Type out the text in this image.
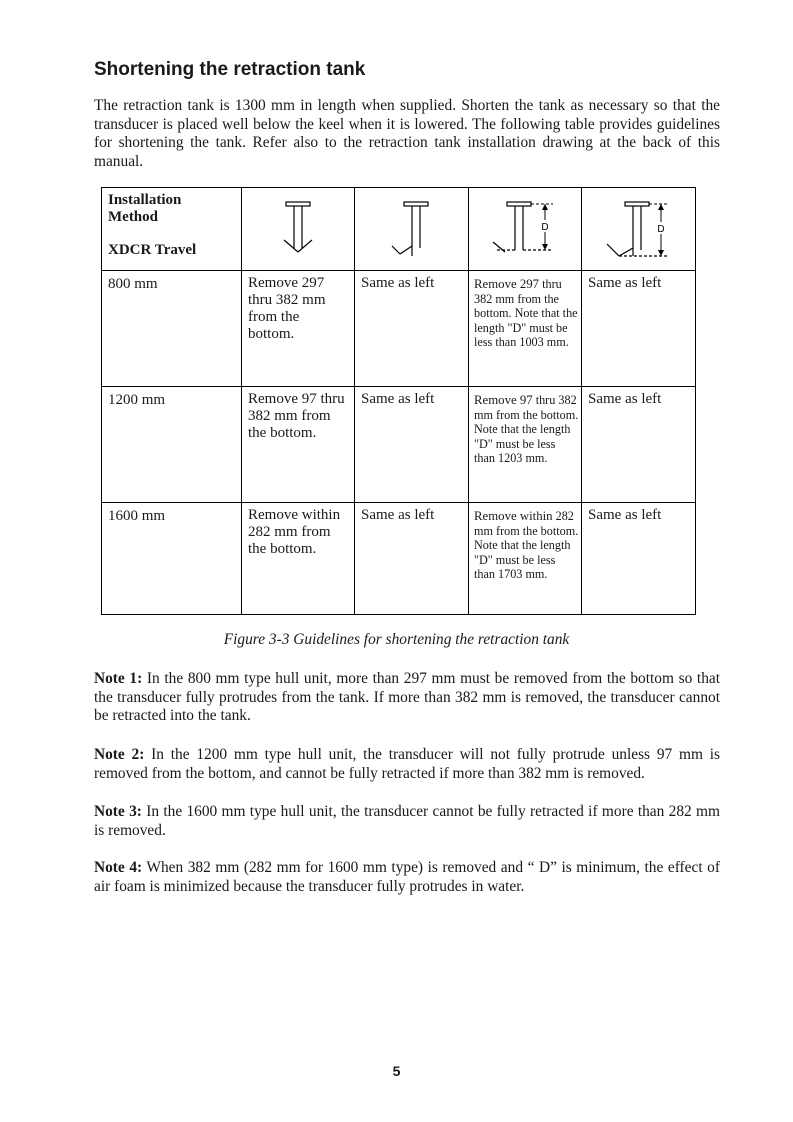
Shortening the retraction tank

The retraction tank is 1300 mm in length when supplied. Shorten the tank as necessary so that the transducer is placed well below the keel when it is lowered. The following table provides guidelines for shortening the tank. Refer also to the retraction tank installation drawing at the back of this manual.

Installation Method
XDCR Travel			D	D

800 mm	Remove 297 thru 382 mm from the bottom.	Same as left	Remove 297 thru 382 mm from the bottom. Note that the length "D" must be less than 1003 mm.	Same as left
1200 mm	Remove 97 thru 382 mm from the bottom.	Same as left	Remove 97 thru 382 mm from the bottom. Note that the length "D" must be less than 1203 mm.	Same as left
1600 mm	Remove within 282 mm from the bottom.	Same as left	Remove within 282 mm from the bottom. Note that the length "D" must be less than 1703 mm.	Same as left
Figure 3-3 Guidelines for shortening the retraction tank

Note 1: In the 800 mm type hull unit, more than 297 mm must be removed from the bottom so that the transducer fully protrudes from the tank. If more than 382 mm is removed, the transducer cannot be retracted into the tank.

Note 2: In the 1200 mm type hull unit, the transducer will not fully protrude unless 97 mm is removed from the bottom, and cannot be fully retracted if more than 382 mm is removed.

Note 3: In the 1600 mm type hull unit, the transducer cannot be fully retracted if more than 282 mm is removed.

Note 4: When 382 mm (282 mm for 1600 mm type) is removed and “ D” is minimum, the effect of air foam is minimized because the transducer fully protrudes in water.

5
